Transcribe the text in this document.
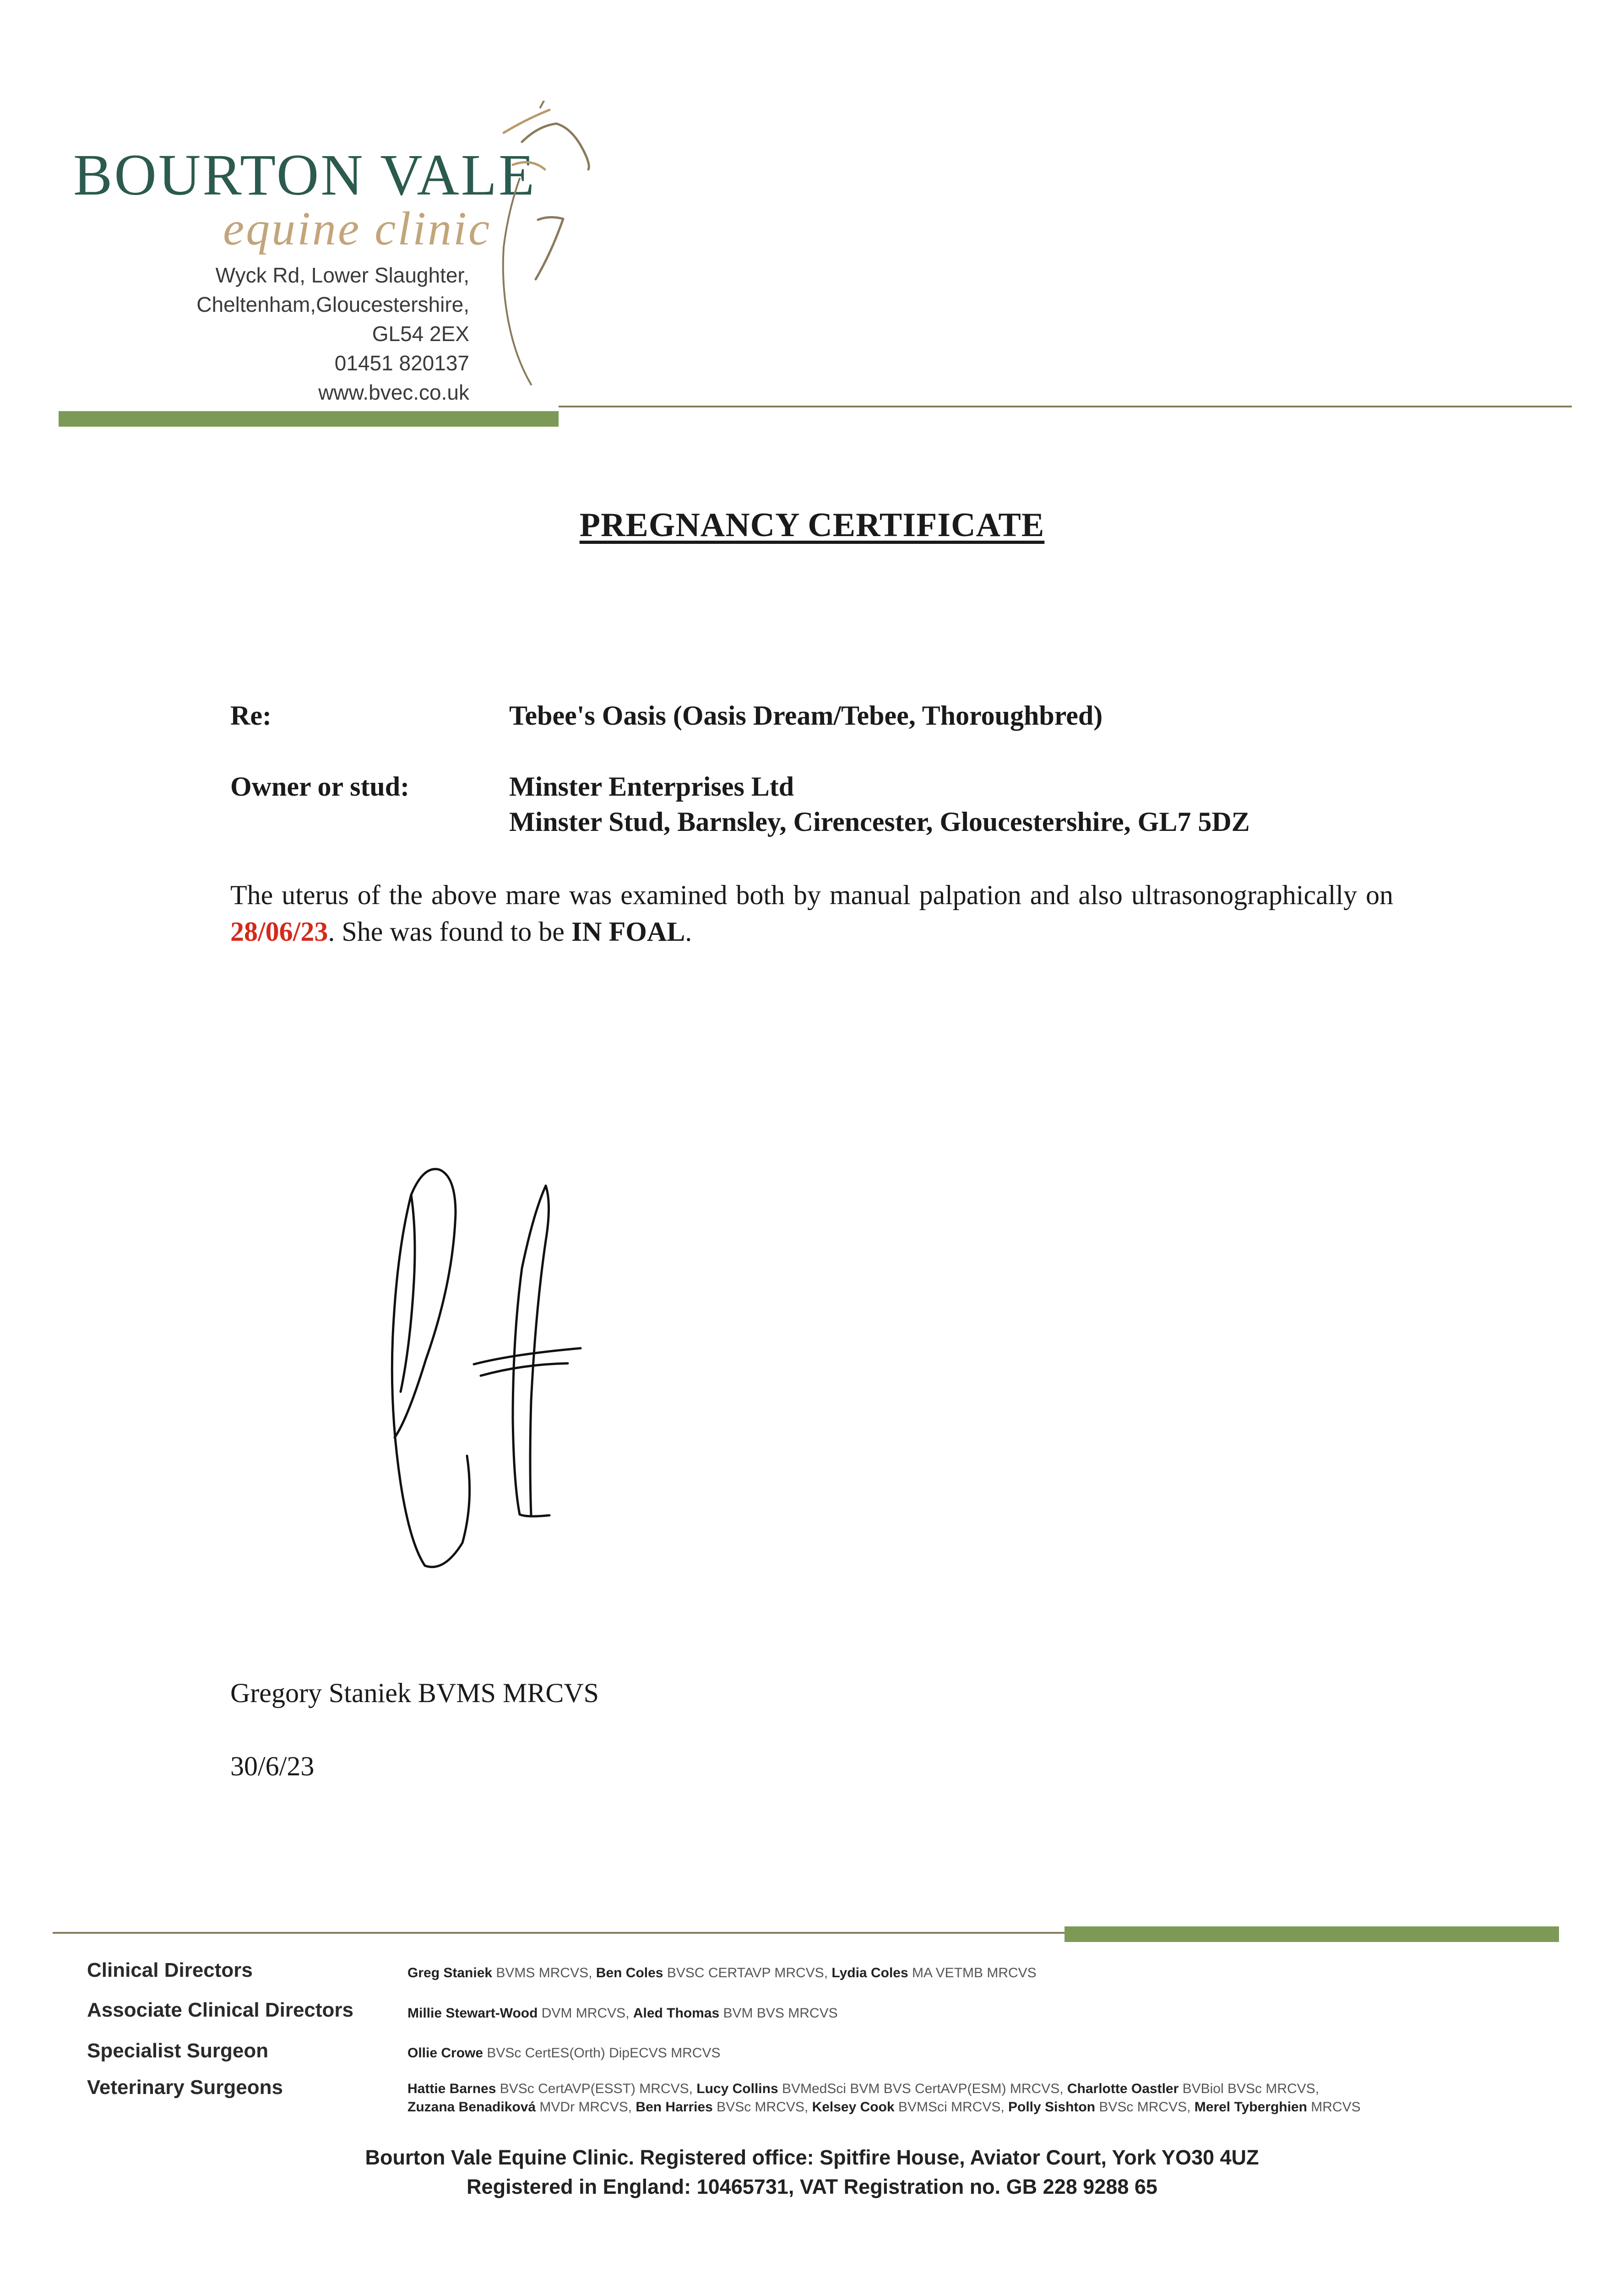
BOURTON VALE
equine clinic
Wyck Rd, Lower Slaughter,
Cheltenham,Gloucestershire,
GL54 2EX
01451 820137
www.bvec.co.uk
PREGNANCY CERTIFICATE
Re:	Tebee's Oasis (Oasis Dream/Tebee, Thoroughbred)
Owner or stud:	Minster Enterprises Ltd
Minster Stud, Barnsley, Cirencester, Gloucestershire, GL7 5DZ
The uterus of the above mare was examined both by manual palpation and also ultrasonographically on 28/06/23. She was found to be IN FOAL.
Gregory Staniek BVMS MRCVS
30/6/23
Clinical Directors	Greg Staniek BVMS MRCVS, Ben Coles BVSC CERTAVP MRCVS, Lydia Coles MA VETMB MRCVS
Associate Clinical Directors	Millie Stewart-Wood DVM MRCVS, Aled Thomas BVM BVS MRCVS
Specialist Surgeon	Ollie Crowe BVSc CertES(Orth) DipECVS MRCVS
Veterinary Surgeons	Hattie Barnes BVSc CertAVP(ESST) MRCVS, Lucy Collins BVMedSci BVM BVS CertAVP(ESM) MRCVS, Charlotte Oastler BVBiol BVSc MRCVS,
Zuzana Benadiková MVDr MRCVS, Ben Harries BVSc MRCVS, Kelsey Cook BVMSci MRCVS, Polly Sishton BVSc MRCVS, Merel Tyberghien MRCVS
Bourton Vale Equine Clinic. Registered office: Spitfire House, Aviator Court, York YO30 4UZ
Registered in England: 10465731, VAT Registration no. GB 228 9288 65
